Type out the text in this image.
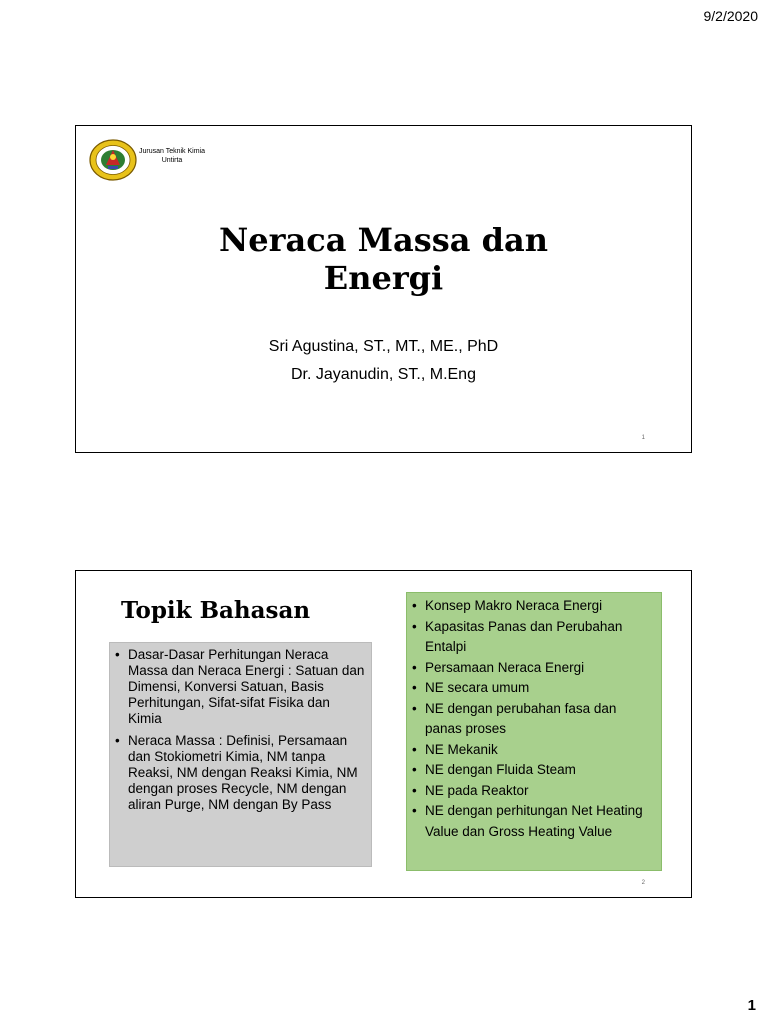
9/2/2020
Jurusan Teknik Kimia
Untirta
Neraca Massa dan
Energi
Sri Agustina, ST., MT., ME., PhD
Dr. Jayanudin, ST., M.Eng
1
Topik Bahasan
• Dasar-Dasar Perhitungan Neraca Massa dan Neraca Energi : Satuan dan Dimensi, Konversi Satuan, Basis Perhitungan, Sifat-sifat Fisika dan Kimia
• Neraca Massa : Definisi, Persamaan dan Stokiometri Kimia, NM tanpa Reaksi, NM dengan Reaksi Kimia, NM dengan proses Recycle, NM dengan aliran Purge, NM dengan By Pass
• Konsep Makro Neraca Energi
• Kapasitas Panas dan Perubahan Entalpi
• Persamaan Neraca Energi
• NE secara umum
• NE dengan perubahan fasa dan panas proses
• NE Mekanik
• NE dengan Fluida Steam
• NE pada Reaktor
• NE dengan perhitungan Net Heating Value dan Gross Heating Value
2
1
